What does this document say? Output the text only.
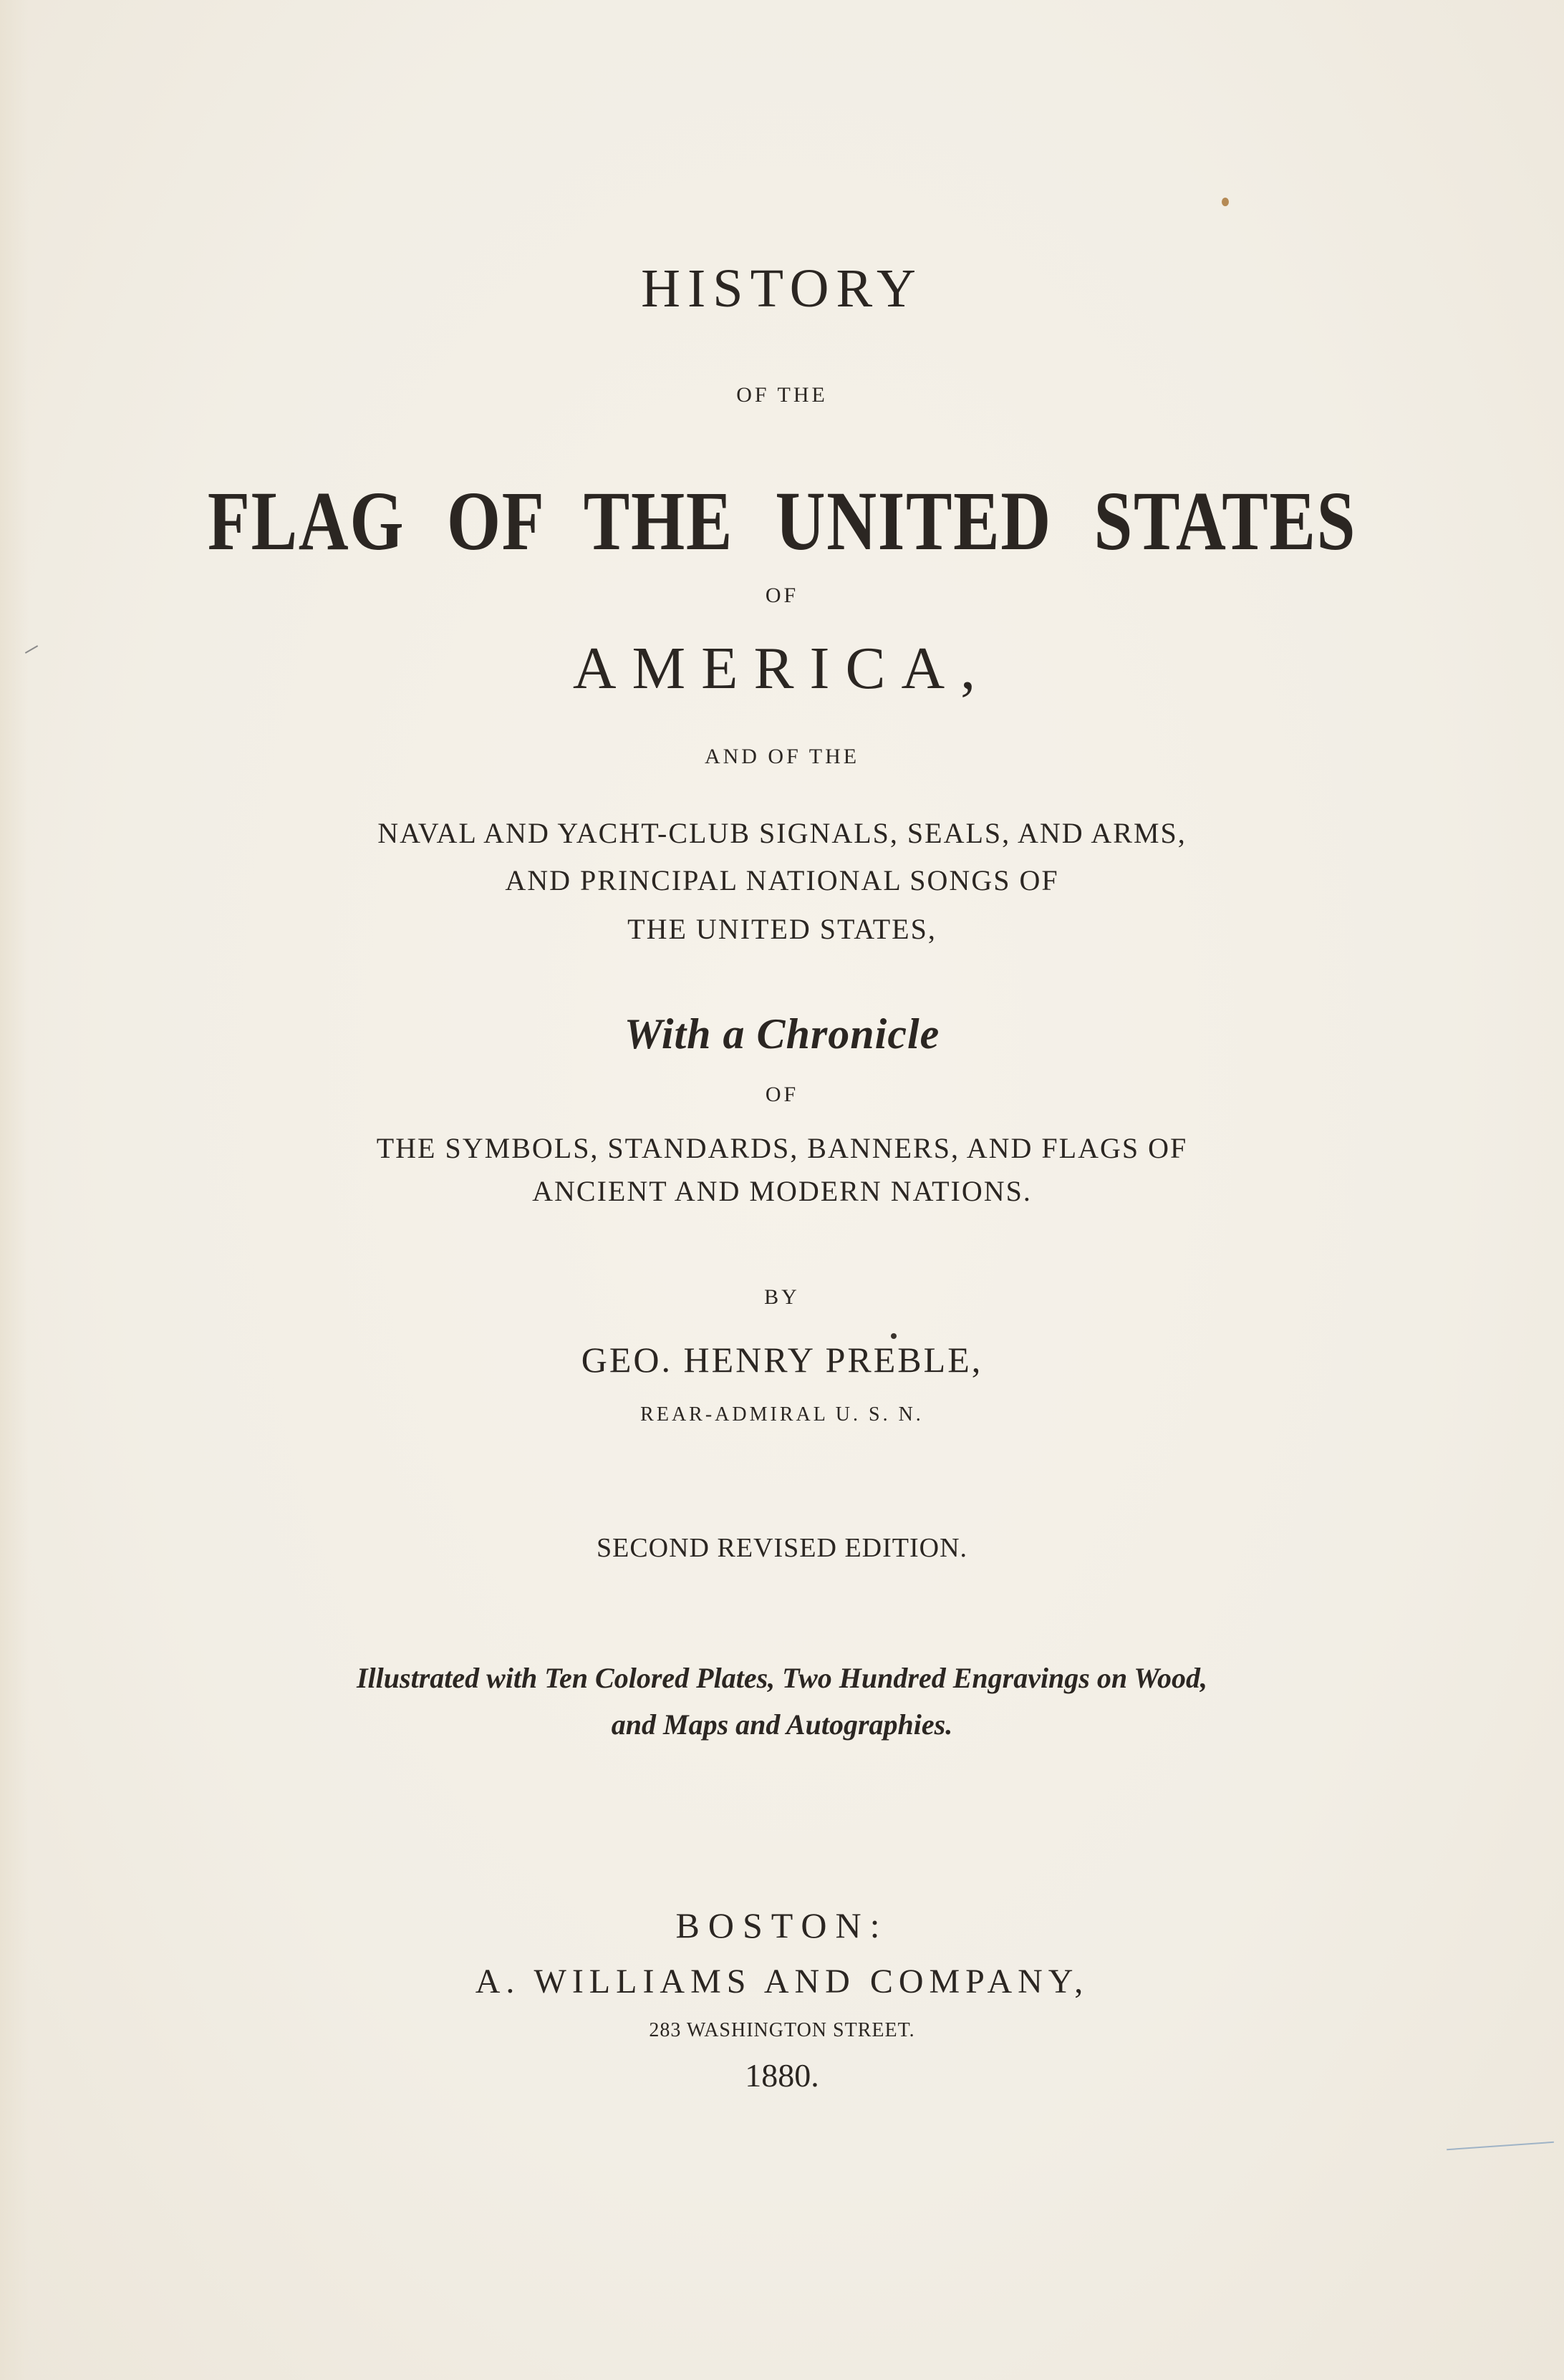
HISTORY
OF THE
FLAG OF THE UNITED STATES
OF
AMERICA,
AND OF THE
NAVAL AND YACHT-CLUB SIGNALS, SEALS, AND ARMS,
AND PRINCIPAL NATIONAL SONGS OF
THE UNITED STATES,
With a Chronicle
OF
THE SYMBOLS, STANDARDS, BANNERS, AND FLAGS OF
ANCIENT AND MODERN NATIONS.
BY
GEO. HENRY PREBLE,
REAR-ADMIRAL U. S. N.
SECOND REVISED EDITION.
Illustrated with Ten Colored Plates, Two Hundred Engravings on Wood,
and Maps and Autographies.
BOSTON:
A. WILLIAMS AND COMPANY,
283 WASHINGTON STREET.
1880.
